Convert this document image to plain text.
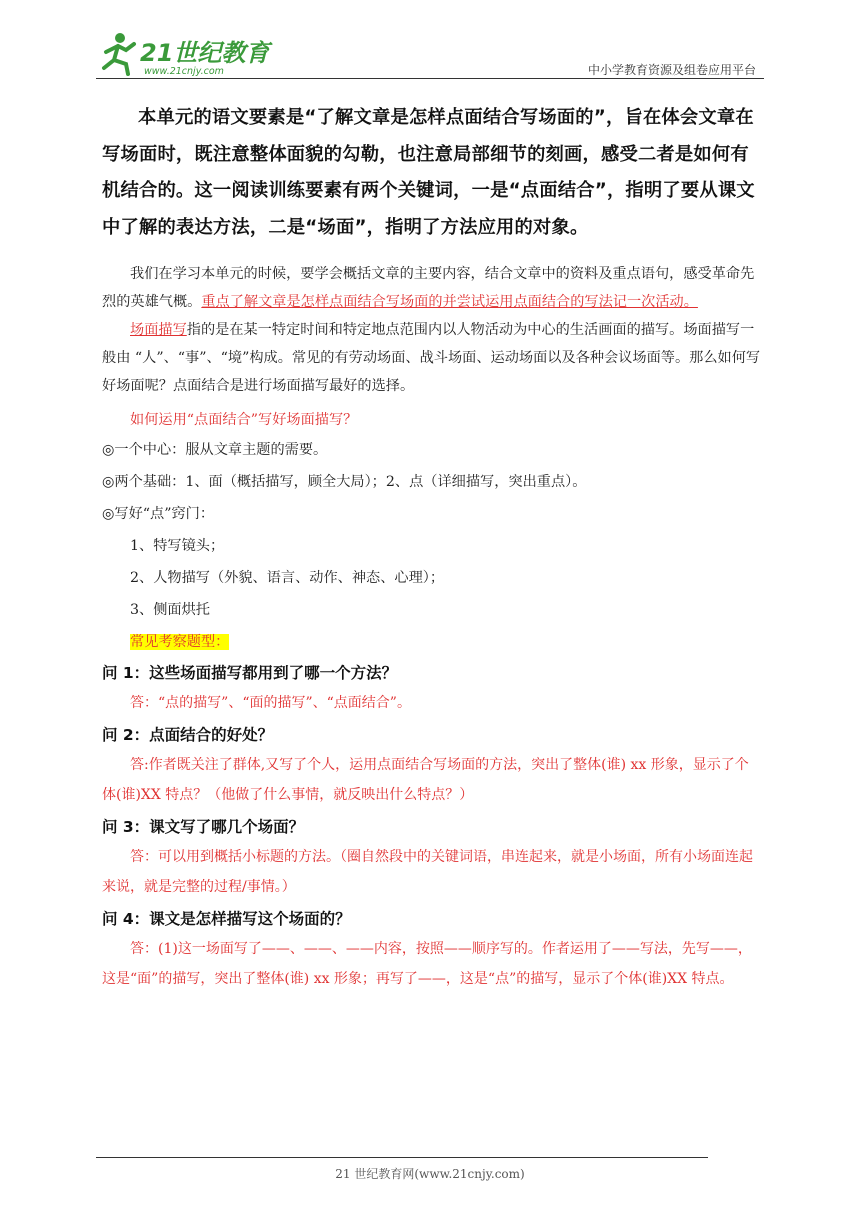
21世纪教育
www.21cnjy.com	中小学教育资源及组卷应用平台

本单元的语文要素是“了解文章是怎样点面结合写场面的”，旨在体会文章在写场面时，既注意整体面貌的勾勒，也注意局部细节的刻画，感受二者是如何有机结合的。这一阅读训练要素有两个关键词，一是“点面结合”，指明了要从课文中了解的表达方法，二是“场面”，指明了方法应用的对象。

我们在学习本单元的时候，要学会概括文章的主要内容，结合文章中的资料及重点语句，感受革命先烈的英雄气概。重点了解文章是怎样点面结合写场面的并尝试运用点面结合的写法记一次活动。

场面描写指的是在某一特定时间和特定地点范围内以人物活动为中心的生活画面的描写。场面描写一般由 “人”、“事”、“境”构成。常见的有劳动场面、战斗场面、运动场面以及各种会议场面等。那么如何写好场面呢？点面结合是进行场面描写最好的选择。

如何运用“点面结合”写好场面描写？

◎一个中心：服从文章主题的需要。

◎两个基础：1、面（概括描写，顾全大局）；2、点（详细描写，突出重点）。

◎写好“点”窍门：

1、特写镜头；

2、人物描写（外貌、语言、动作、神态、心理）；

3、侧面烘托

常见考察题型：

问 1：这些场面描写都用到了哪一个方法？

答：“点的描写”、“面的描写”、“点面结合”。

问 2：点面结合的好处？

答:作者既关注了群体,又写了个人，运用点面结合写场面的方法，突出了整体(谁) xx 形象，显示了个体(谁)XX 特点？（他做了什么事情，就反映出什么特点？）

问 3：课文写了哪几个场面？

答：可以用到概括小标题的方法。（圈自然段中的关键词语，串连起来，就是小场面，所有小场面连起来说，就是完整的过程/事情。）

问 4：课文是怎样描写这个场面的？

答：(1)这一场面写了——、——、——内容，按照——顺序写的。作者运用了——写法，先写——，这是“面”的描写，突出了整体(谁) xx 形象；再写了——，这是“点”的描写，显示了个体(谁)XX 特点。

21 世纪教育网(www.21cnjy.com)
